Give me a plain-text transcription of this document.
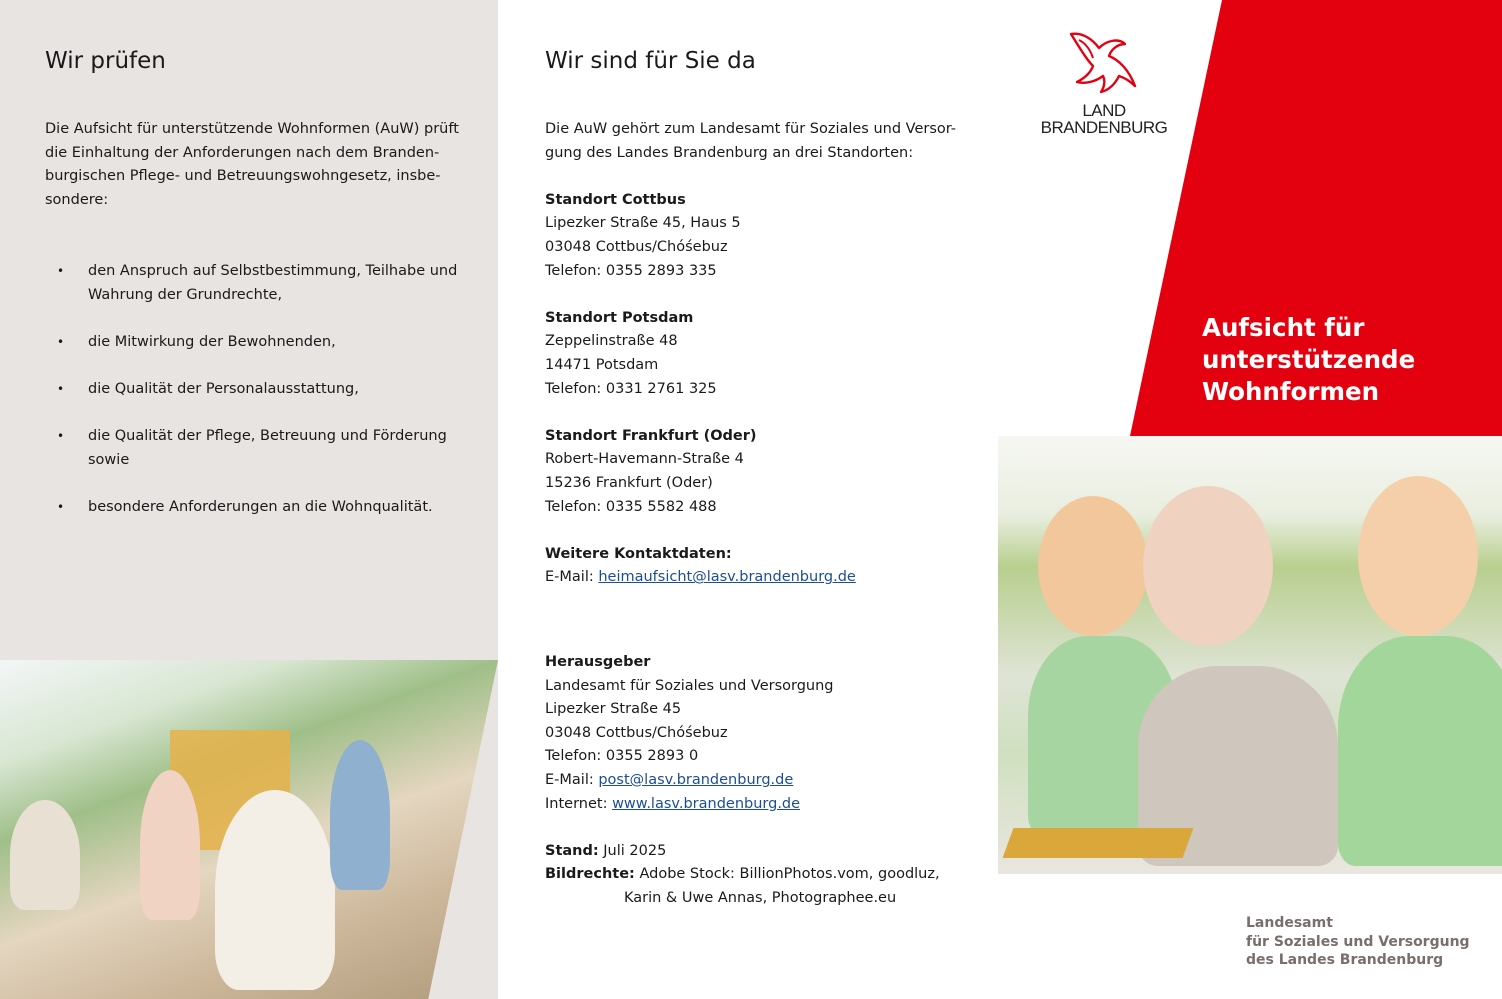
Wir prüfen
Die Aufsicht für unterstützende Wohnformen (AuW) prüft die Einhaltung der Anforderungen nach dem Branden-burgischen Pflege- und Betreuungswohngesetz, insbe-sondere:
• den Anspruch auf Selbstbestimmung, Teilhabe und Wahrung der Grundrechte,
• die Mitwirkung der Bewohnenden,
• die Qualität der Personalausstattung,
• die Qualität der Pflege, Betreuung und Förderung sowie
• besondere Anforderungen an die Wohnqualität.
Wir sind für Sie da

Die AuW gehört zum Landesamt für Soziales und Versor-gung des Landes Brandenburg an drei Standorten:

Standort Cottbus

Lipezker Straße 45, Haus 5

03048 Cottbus/Chóśebuz

Telefon: 0355 2893 335

Standort Potsdam

Zeppelinstraße 48

14471 Potsdam

Telefon: 0331 2761 325

Standort Frankfurt (Oder)

Robert-Havemann-Straße 4

15236 Frankfurt (Oder)

Telefon: 0335 5582 488

Weitere Kontaktdaten:

E-Mail: heimaufsicht@lasv.brandenburg.de

Herausgeber

Landesamt für Soziales und Versorgung

Lipezker Straße 45

03048 Cottbus/Chóśebuz

Telefon: 0355 2893 0

E-Mail: post@lasv.brandenburg.de

Internet: www.lasv.brandenburg.de

Stand: Juli 2025

Bildrechte: Adobe Stock: BillionPhotos.vom, goodluz,

Karin & Uwe Annas, Photographee.eu

LAND
BRANDENBURG
Aufsicht für
unterstützende
Wohnformen
Landesamt
für Soziales und Versorgung
des Landes Brandenburg
